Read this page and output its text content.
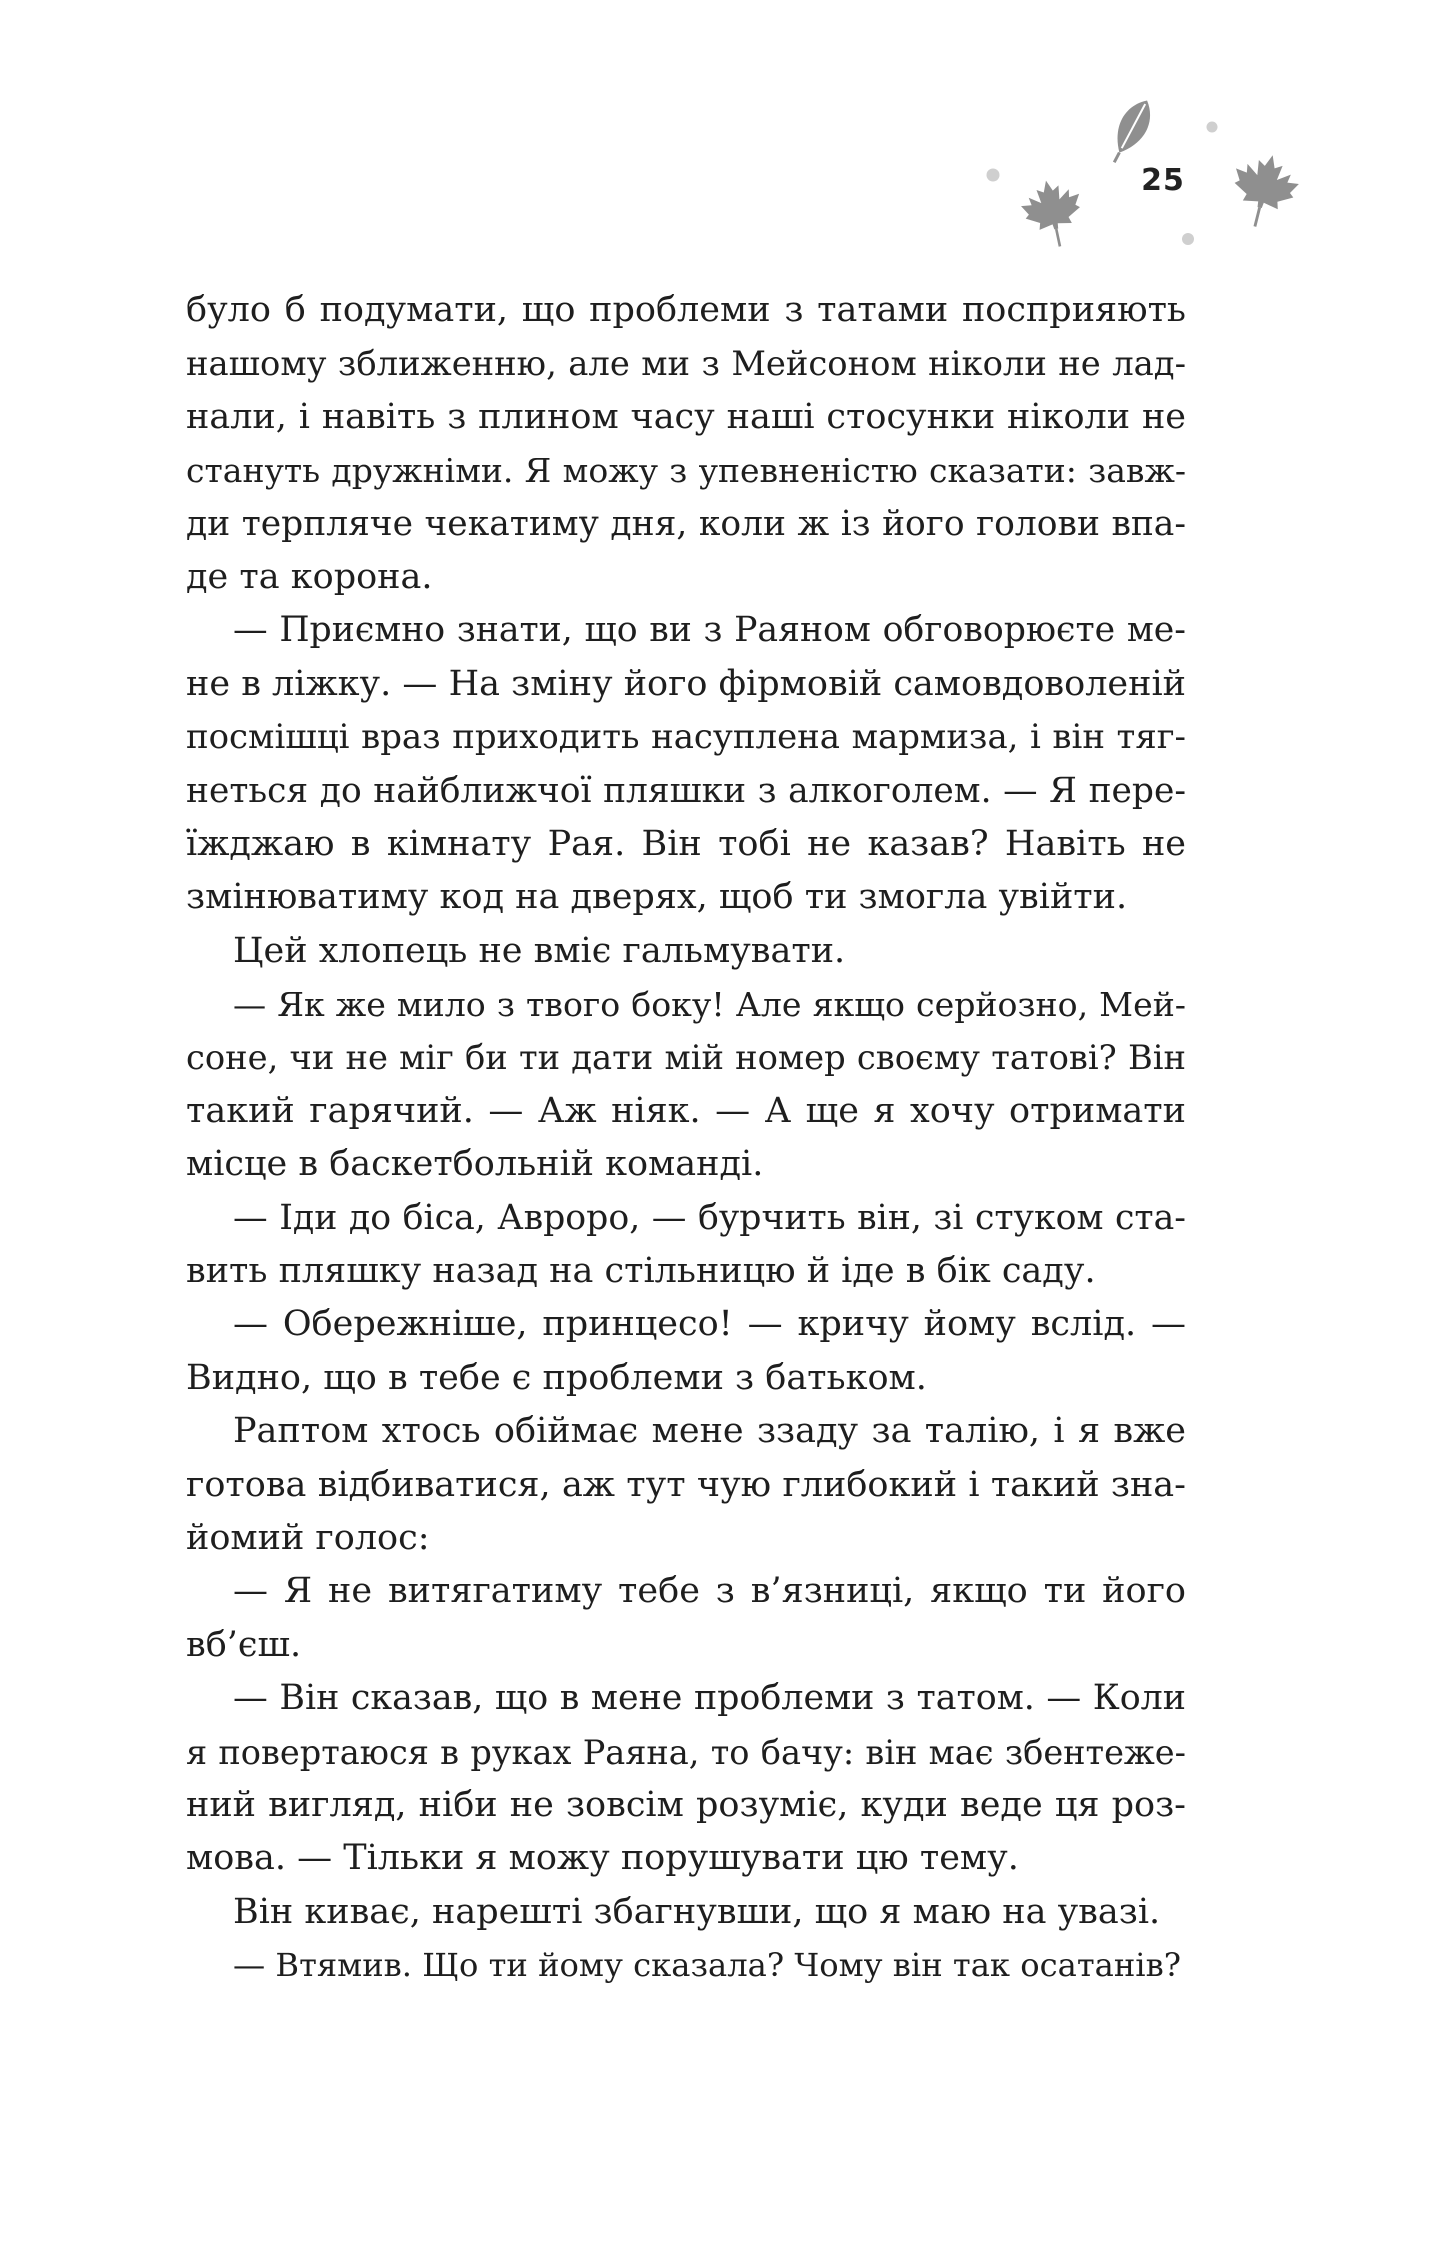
25
було б подумати, що проблеми з татами посприяють
нашому зближенню, але ми з Мейсоном ніколи не лад-
нали, і навіть з плином часу наші стосунки ніколи не
стануть дружніми. Я можу з упевненістю сказати: завж-
ди терпляче чекатиму дня, коли ж із його голови впа-
де та корона.
— Приємно знати, що ви з Раяном обговорюєте ме-
не в ліжку. — На зміну його фірмовій самовдоволеній
посмішці враз приходить насуплена мармиза, і він тяг-
неться до найближчої пляшки з алкоголем. — Я пере-
їжджаю в кімнату Рая. Він тобі не казав? Навіть не
змінюватиму код на дверях, щоб ти змогла увійти.
Цей хлопець не вміє гальмувати.
— Як же мило з твого боку! Але якщо серйозно, Мей-
соне, чи не міг би ти дати мій номер своєму татові? Він
такий гарячий. — Аж ніяк. — А ще я хочу отримати
місце в баскетбольній команді.
— Іди до біса, Авроро, — бурчить він, зі стуком ста-
вить пляшку назад на стільницю й іде в бік саду.
— Обережніше, принцесо! — кричу йому вслід. —
Видно, що в тебе є проблеми з батьком.
Раптом хтось обіймає мене ззаду за талію, і я вже
готова відбиватися, аж тут чую глибокий і такий зна-
йомий голос:
— Я не витягатиму тебе з в’язниці, якщо ти його
вб’єш.
— Він сказав, що в мене проблеми з татом. — Коли
я повертаюся в руках Раяна, то бачу: він має збентеже-
ний вигляд, ніби не зовсім розуміє, куди веде ця роз-
мова. — Тільки я можу порушувати цю тему.
Він киває, нарешті збагнувши, що я маю на увазі.
— Втямив. Що ти йому сказала? Чому він так осатанів?
